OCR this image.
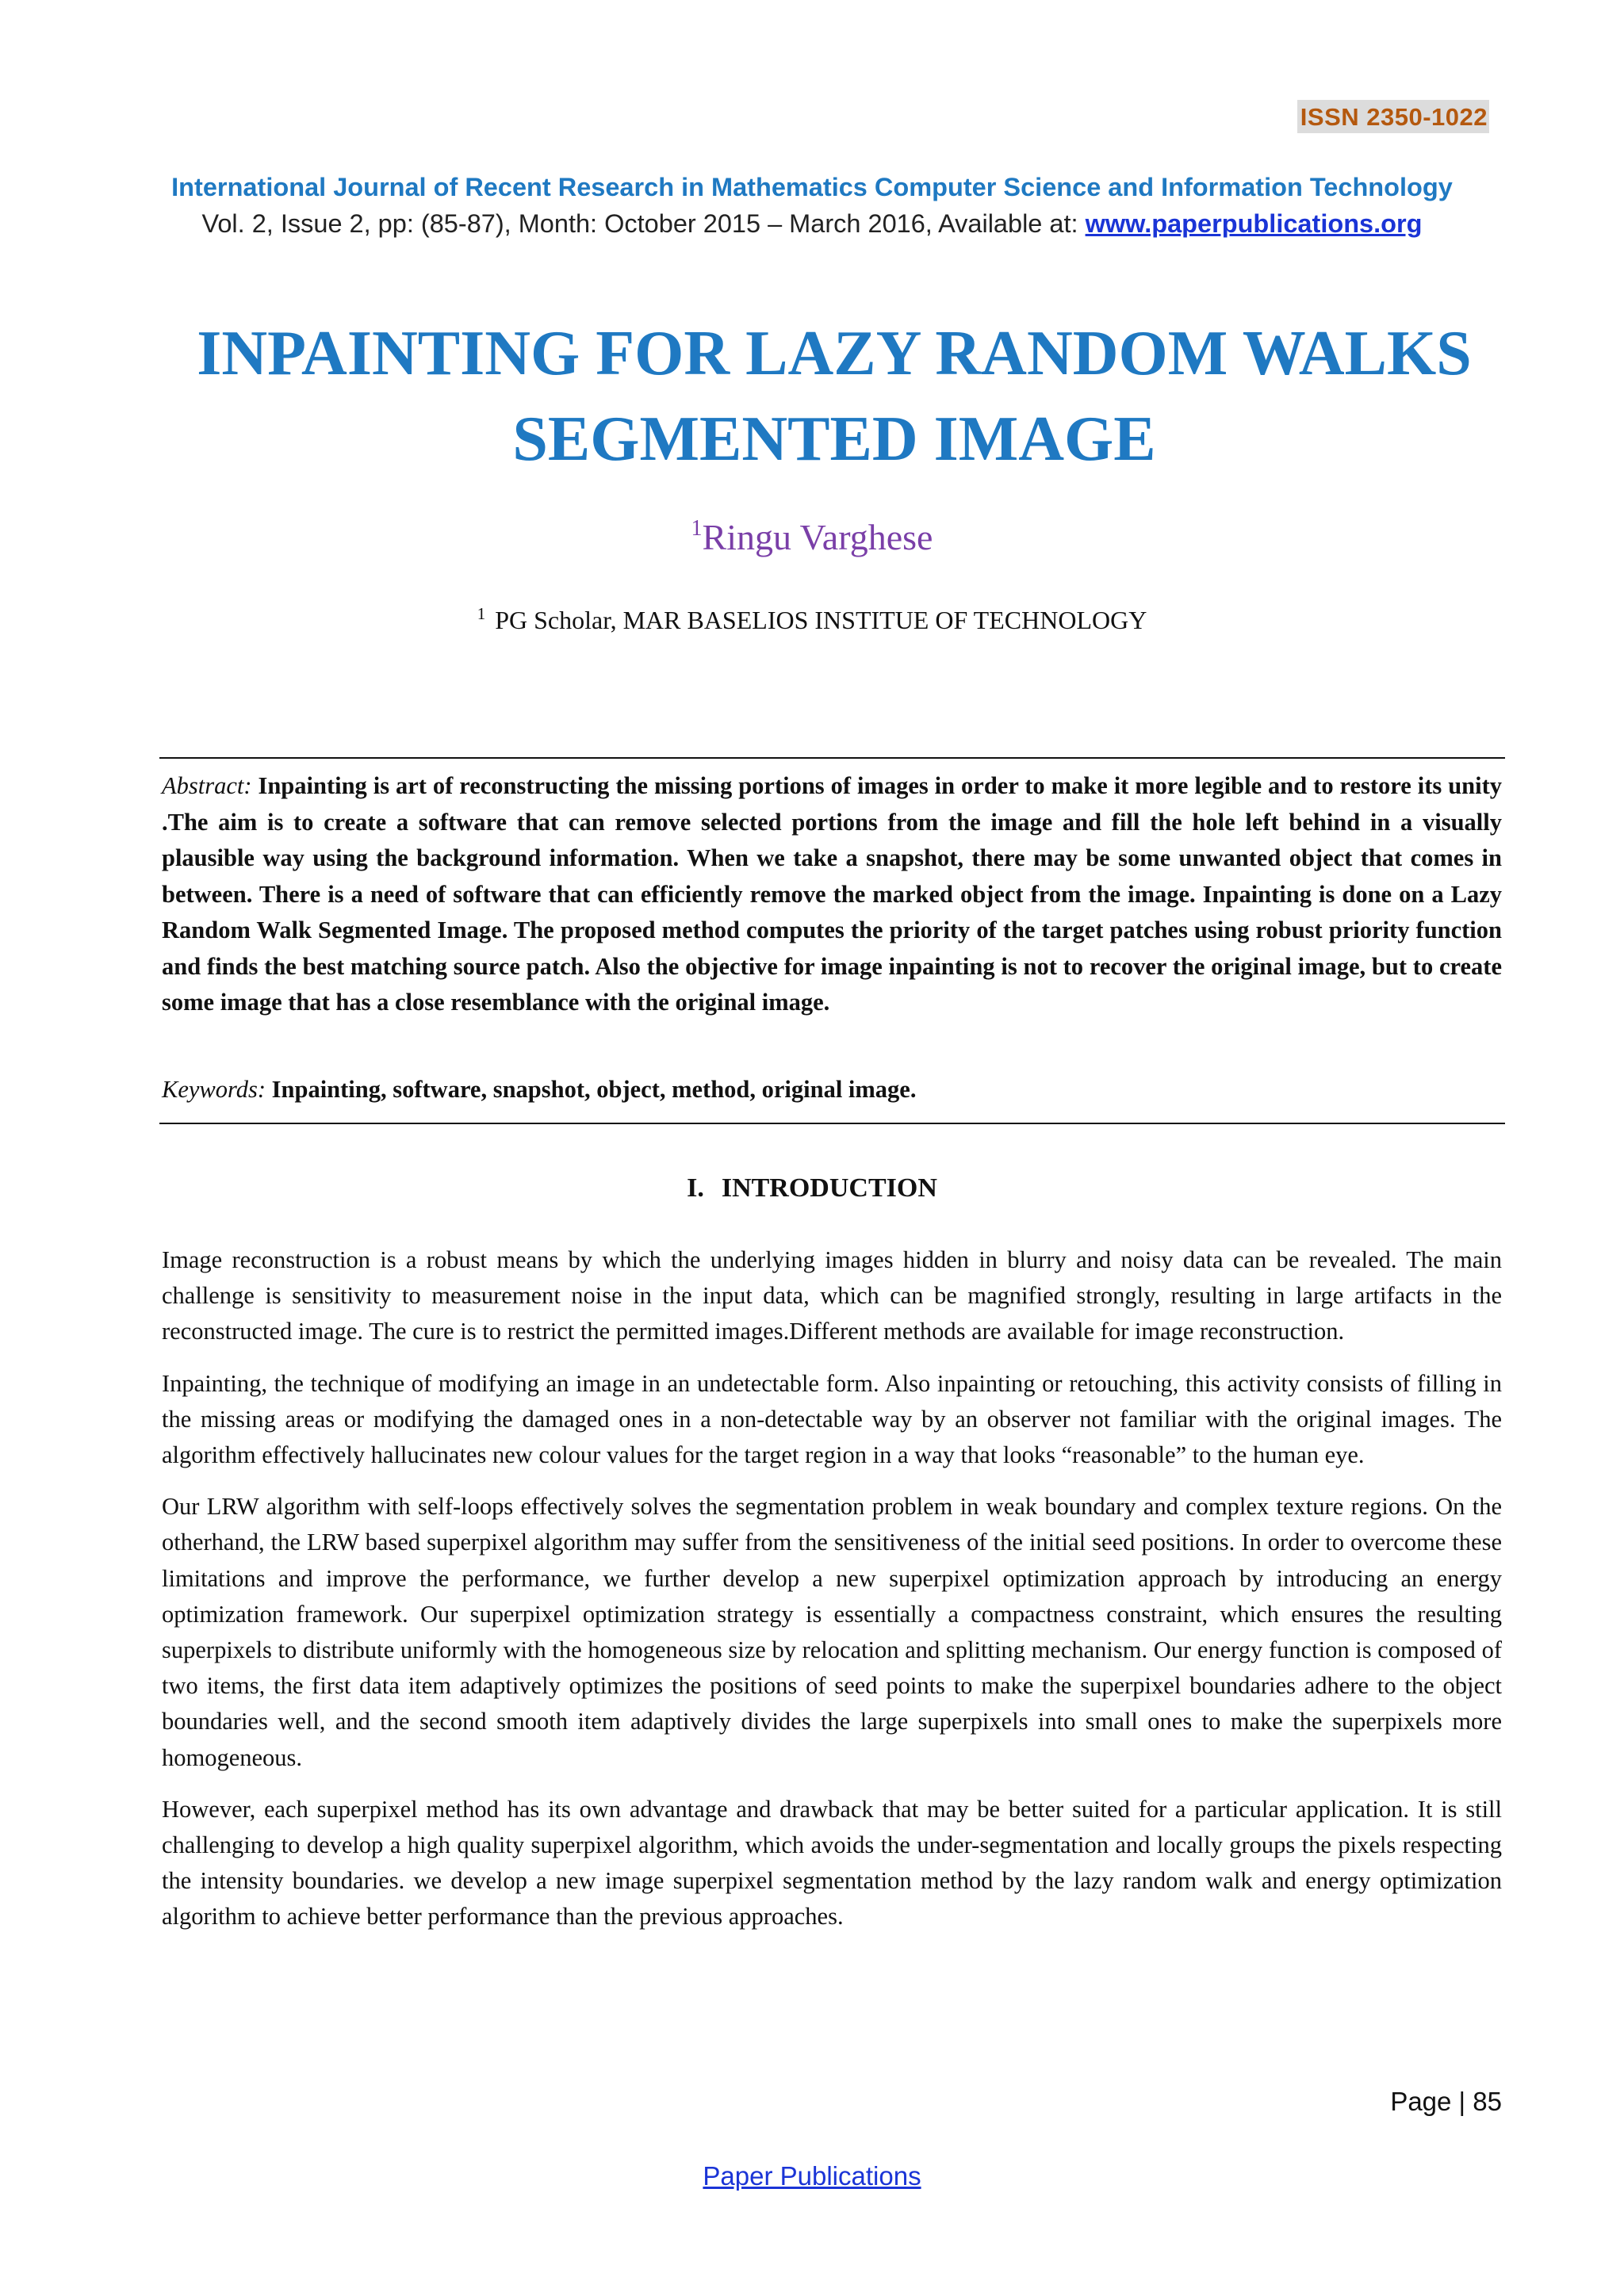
ISSN 2350-1022
International Journal of Recent Research in Mathematics Computer Science and Information Technology
Vol. 2, Issue 2, pp: (85-87), Month: October 2015 – March 2016, Available at: www.paperpublications.org
INPAINTING FOR LAZY RANDOM WALKS SEGMENTED IMAGE
$^1$Ringu Varghese
$^1$ PG Scholar, MAR BASELIOS INSTITUE OF TECHNOLOGY
Abstract: Inpainting is art of reconstructing the missing portions of images in order to make it more legible and to restore its unity .The aim is to create a software that can remove selected portions from the image and fill the hole left behind in a visually plausible way using the background information. When we take a snapshot, there may be some unwanted object that comes in between. There is a need of software that can efficiently remove the marked object from the image. Inpainting is done on a Lazy Random Walk Segmented Image. The proposed method computes the priority of the target patches using robust priority function and finds the best matching source patch. Also the objective for image inpainting is not to recover the original image, but to create some image that has a close resemblance with the original image.
Keywords: Inpainting, software, snapshot, object, method, original image.
I. INTRODUCTION

Image reconstruction is a robust means by which the underlying images hidden in blurry and noisy data can be revealed. The main challenge is sensitivity to measurement noise in the input data, which can be magnified strongly, resulting in large artifacts in the reconstructed image. The cure is to restrict the permitted images.Different methods are available for image reconstruction.

Inpainting, the technique of modifying an image in an undetectable form. Also inpainting or retouching, this activity consists of filling in the missing areas or modifying the damaged ones in a non-detectable way by an observer not familiar with the original images. The algorithm effectively hallucinates new colour values for the target region in a way that looks “reasonable” to the human eye.

Our LRW algorithm with self-loops effectively solves the segmentation problem in weak boundary and complex texture regions. On the otherhand, the LRW based superpixel algorithm may suffer from the sensitiveness of the initial seed positions. In order to overcome these limitations and improve the performance, we further develop a new superpixel optimization approach by introducing an energy optimization framework. Our superpixel optimization strategy is essentially a compactness constraint, which ensures the resulting superpixels to distribute uniformly with the homogeneous size by relocation and splitting mechanism. Our energy function is composed of two items, the first data item adaptively optimizes the positions of seed points to make the superpixel boundaries adhere to the object boundaries well, and the second smooth item adaptively divides the large superpixels into small ones to make the superpixels more homogeneous.

However, each superpixel method has its own advantage and drawback that may be better suited for a particular application. It is still challenging to develop a high quality superpixel algorithm, which avoids the under-segmentation and locally groups the pixels respecting the intensity boundaries. we develop a new image superpixel segmentation method by the lazy random walk and energy optimization algorithm to achieve better performance than the previous approaches.

Page | 85
Paper Publications
